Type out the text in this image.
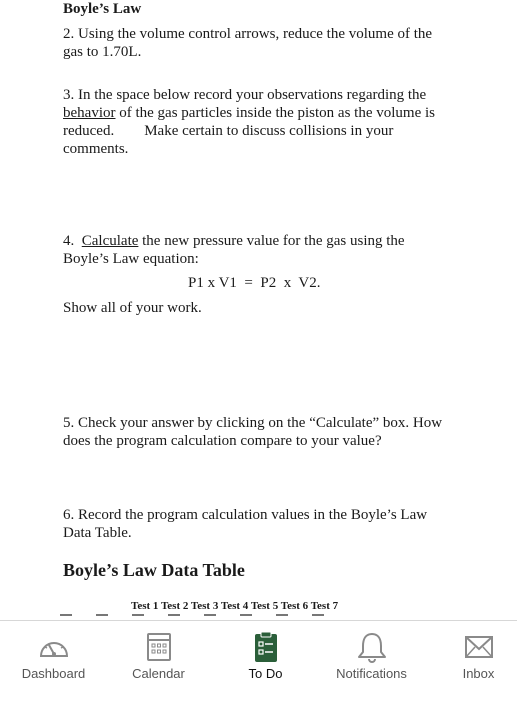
Boyle’s Law

2. Using the volume control arrows, reduce the volume of the

gas to 1.70L.

3. In the space below record your observations regarding the

behavior of the gas particles inside the piston as the volume is

reduced.        Make certain to discuss collisions in your

comments.

4.  Calculate the new pressure value for the gas using the

Boyle’s Law equation:

P1 x V1  =  P2  x  V2.

Show all of your work.

5. Check your answer by clicking on the “Calculate” box. How

does the program calculation compare to your value?

6. Record the program calculation values in the Boyle’s Law

Data Table.

Boyle’s Law Data Table

Test 1 Test 2 Test 3 Test 4 Test 5 Test 6 Test 7
Dashboard	Calendar	To Do	Notifications	Inbox
